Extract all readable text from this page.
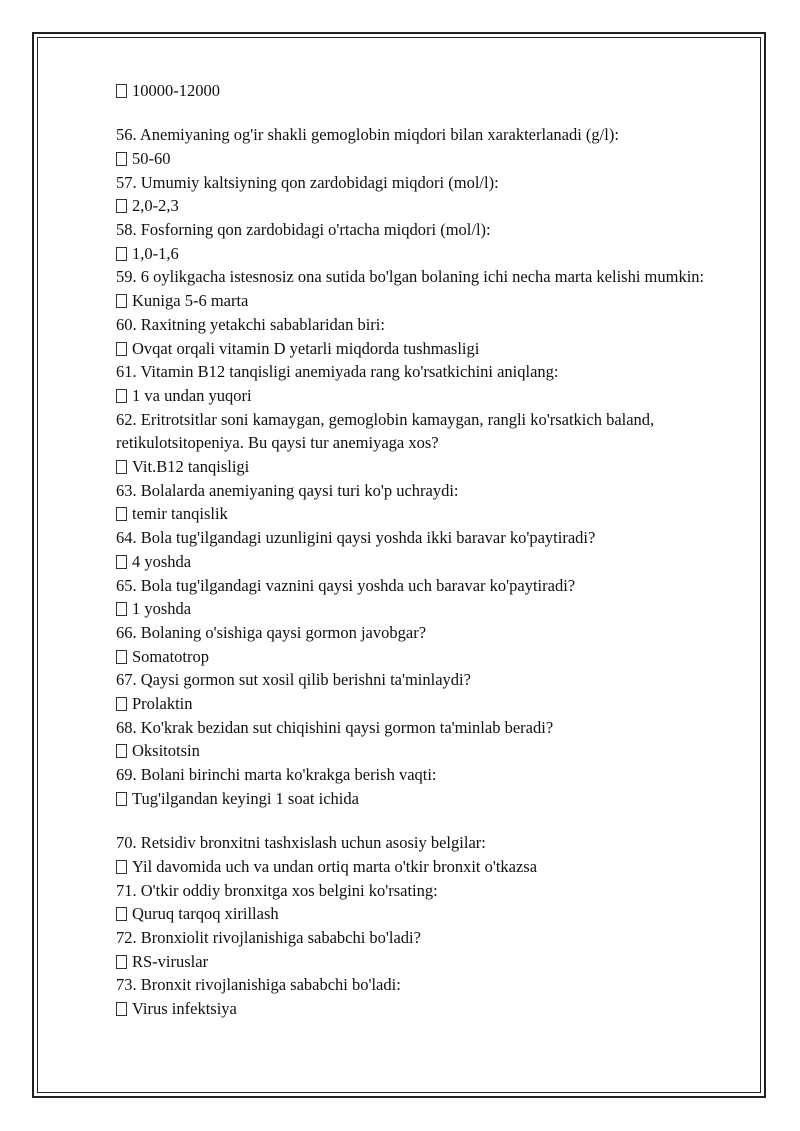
10000-12000
56. Anemiyaning og'ir shakli gemoglobin miqdori bilan xarakterlanadi (g/l):
50-60
57. Umumiy kaltsiyning qon zardobidagi miqdori (mol/l):
2,0-2,3
58. Fosforning qon zardobidagi o'rtacha miqdori (mol/l):
1,0-1,6
59. 6 oylikgacha istesnosiz ona sutida bo'lgan bolaning ichi necha marta kelishi mumkin:
Kuniga 5-6 marta
60. Raxitning yetakchi sabablaridan biri:
Ovqat orqali vitamin D yetarli miqdorda tushmasligi
61. Vitamin B12 tanqisligi anemiyada rang ko'rsatkichini aniqlang:
1 va undan yuqori
62. Eritrotsitlar soni kamaygan, gemoglobin kamaygan, rangli ko'rsatkich baland, retikulotsitopeniya. Bu qaysi tur anemiyaga xos?
Vit.B12 tanqisligi
63. Bolalarda anemiyaning qaysi turi ko'p uchraydi:
temir tanqislik
64. Bola tug'ilgandagi uzunligini qaysi yoshda ikki baravar ko'paytiradi?
4 yoshda
65. Bola tug'ilgandagi vaznini qaysi yoshda uch baravar ko'paytiradi?
1 yoshda
66. Bolaning o'sishiga qaysi gormon javobgar?
Somatotrop
67. Qaysi gormon sut xosil qilib berishni ta'minlaydi?
Prolaktin
68. Ko'krak bezidan sut chiqishini qaysi gormon ta'minlab beradi?
Oksitotsin
69. Bolani birinchi marta ko'krakga berish vaqti:
Tug'ilgandan keyingi 1 soat ichida
70. Retsidiv bronxitni tashxislash uchun asosiy belgilar:
Yil davomida uch va undan ortiq marta o'tkir bronxit o'tkazsa
71. O'tkir oddiy bronxitga xos belgini ko'rsating:
Quruq tarqoq xirillash
72. Bronxiolit rivojlanishiga sababchi bo'ladi?
RS-viruslar
73. Bronxit rivojlanishiga sababchi bo'ladi:
Virus infektsiya
